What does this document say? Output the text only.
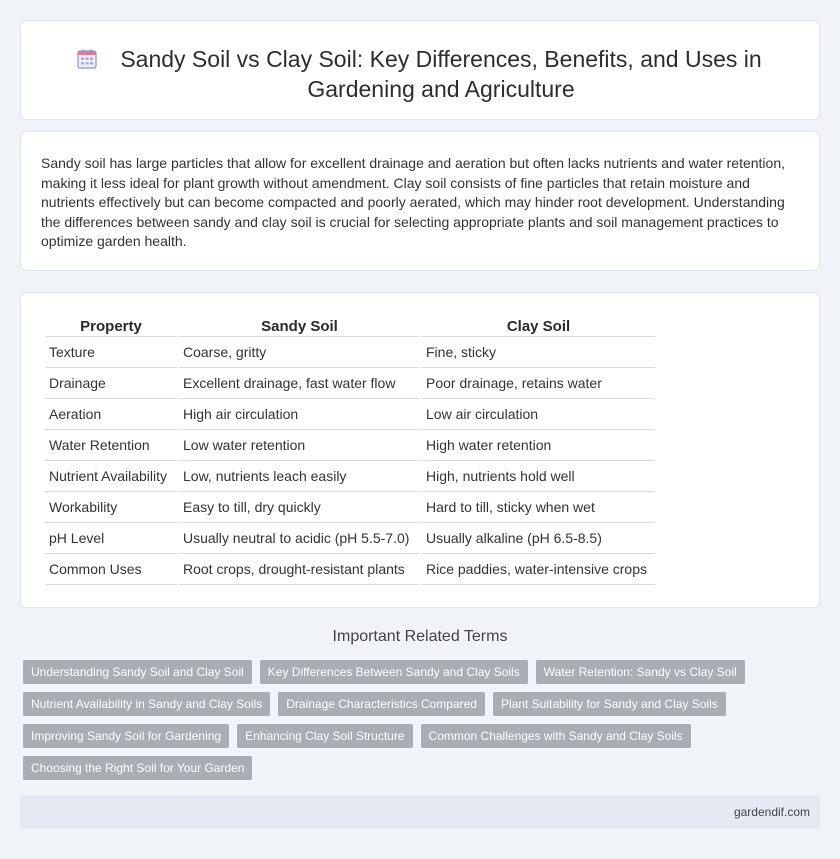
Sandy Soil vs Clay Soil: Key Differences, Benefits, and Uses in Gardening and Agriculture

Sandy soil has large particles that allow for excellent drainage and aeration but often lacks nutrients and water retention, making it less ideal for plant growth without amendment. Clay soil consists of fine particles that retain moisture and nutrients effectively but can become compacted and poorly aerated, which may hinder root development. Understanding the differences between sandy and clay soil is crucial for selecting appropriate plants and soil management practices to optimize garden health.

Property	Sandy Soil	Clay Soil
Texture	Coarse, gritty	Fine, sticky
Drainage	Excellent drainage, fast water flow	Poor drainage, retains water
Aeration	High air circulation	Low air circulation
Water Retention	Low water retention	High water retention
Nutrient Availability	Low, nutrients leach easily	High, nutrients hold well
Workability	Easy to till, dry quickly	Hard to till, sticky when wet
pH Level	Usually neutral to acidic (pH 5.5-7.0)	Usually alkaline (pH 6.5-8.5)
Common Uses	Root crops, drought-resistant plants	Rice paddies, water-intensive crops
Important Related Terms
Understanding Sandy Soil and Clay Soil	Key Differences Between Sandy and Clay Soils	Water Retention: Sandy vs Clay Soil
Nutrient Availability in Sandy and Clay Soils	Drainage Characteristics Compared	Plant Suitability for Sandy and Clay Soils
Improving Sandy Soil for Gardening	Enhancing Clay Soil Structure	Common Challenges with Sandy and Clay Soils
Choosing the Right Soil for Your Garden
gardendif.com
